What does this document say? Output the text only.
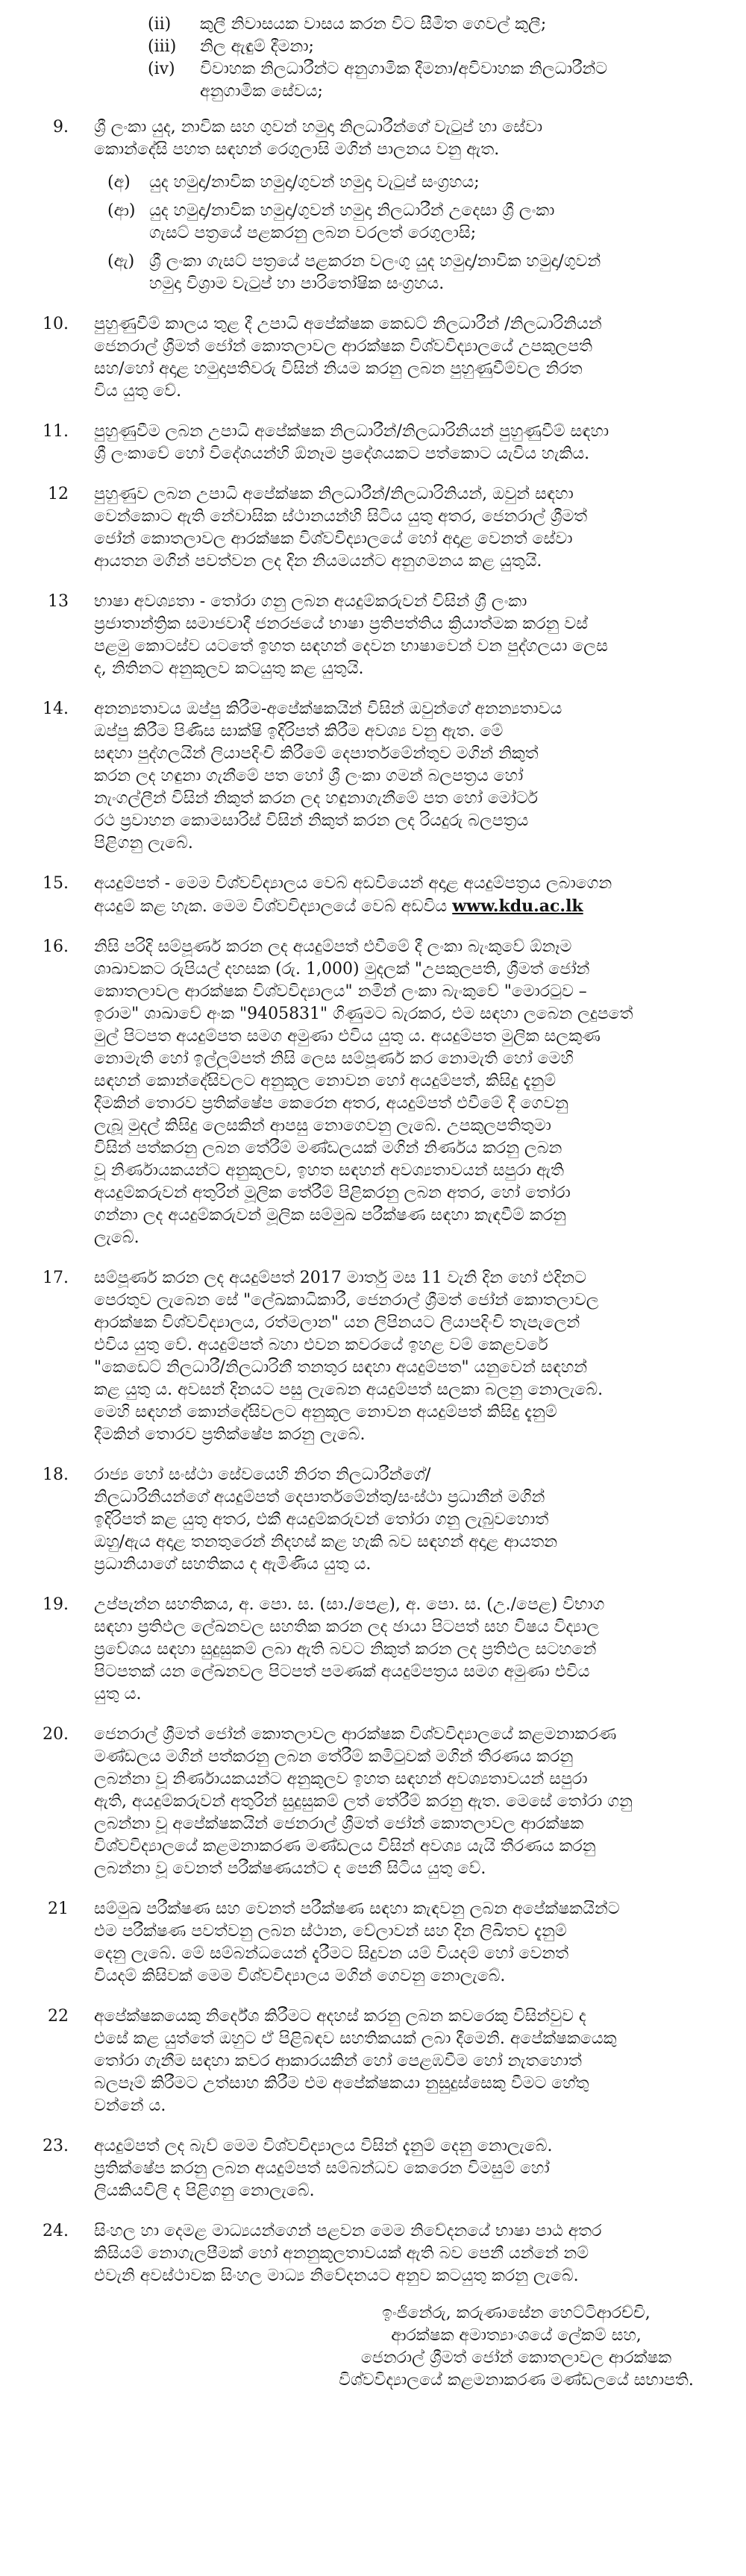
(ii)	කුලී නිවාසයක වාසය කරන විට සීමිත ගෙවල් කුලී;
(iii)	නිල ඇඳුම් දීමනා;
(iv)	විවාහක නිලධාරීන්ට අනුගාමික දීමනා/අවිවාහක නිලධාරීන්ට
අනුගාමික සේවය;
9.	ශ්‍රී ලංකා යුද, නාවික සහ ගුවන් හමුදා නිලධාරීන්ගේ වැටුප් හා සේවා
කොන්දේසි පහත සඳහන් රෙගුලාසි මගින් පාලනය වනු ඇත.
(අ)	යුද හමුදා/නාවික හමුදා/ගුවන් හමුදා වැටුප් සංග්‍රහය;
(ආ) යුද හමුදා/නාවික හමුදා/ගුවන් හමුදා නිලධාරීන් උදෙසා ශ්‍රී ලංකා
ගැසට් පත්‍රයේ පළකරනු ලබන වරලත් රෙගුලාසි;
(ඇ) ශ්‍රී ලංකා ගැසට් පත්‍රයේ පළකරන වලංගු යුද හමුදා/නාවික හමුදා/ගුවන්
හමුදා විශ්‍රාම වැටුප් හා පාරිතෝෂික සංග්‍රහය.
10.	පුහුණුවීම් කාලය තුළ දී උපාධි අපේක්ෂක කෙඩට් නිලධාරීන් /නිලධාරිනියන්
ජෙනරාල් ශ්‍රීමත් ජෝන් කොතලාවල ආරක්ෂක විශ්වවිද්‍යාලයේ උපකුලපති
සහ/හෝ අදාළ හමුදාපතිවරු විසින් නියම කරනු ලබන පුහුණුවීම්වල නිරත
විය යුතු වේ.
11.	පුහුණුවීම ලබන උපාධි අපේක්ෂක නිලධාරීන්/නිලධාරිනියන් පුහුණුවීම් සඳහා
ශ්‍රී ලංකාවේ හෝ විදේශයන්හි ඕනෑම ප්‍රදේශයකට පත්කොට යැවිය හැකිය.
12	පුහුණුව ලබන උපාධි අපේක්ෂක නිලධාරීන්/නිලධාරිනියන්, ඔවුන් සඳහා
වෙන්කොට ඇති නේවාසික ස්ථානයන්හි සිටිය යුතු අතර, ජෙනරාල් ශ්‍රීමත්
ජෝන් කොතලාවල ආරක්ෂක විශ්වවිද්‍යාලයේ හෝ අදාළ වෙනත් සේවා
ආයතන මගින් පවත්වන ලද දින නියමයන්ට අනුගමනය කළ යුතුයි.
13	භාෂා අවශ්‍යතා - තෝරා ගනු ලබන අයදුම්කරුවන් විසින් ශ්‍රී ලංකා
ප්‍රජාතාන්ත්‍රික සමාජවාදී ජනරජයේ භාෂා ප්‍රතිපත්තිය ක්‍රියාත්මක කරනු වස්
පළමු කොටස්ව යටතේ ඉහත සඳහන් දෙවන භාෂාවෙන් වන පුද්ගලයා ලෙස
ද, නිතිනට අනුකූලව කටයුතු කළ යුතුයි.
14.	අනන්‍යතාවය ඔප්පු කිරීම-අපේක්ෂකයින් විසින් ඔවුන්ගේ අනන්‍යතාවය
ඔප්පු කිරීම පිණිස සාක්ෂි ඉදිරිපත් කිරීම අවශ්‍ය වනු ඇත. මේ
සඳහා පුද්ගලයින් ලියාපදිංචි කිරීමේ දෙපාර්තමේන්තුව මගින් නිකුත්
කරන ලද හඳුනා ගැනීමේ පත හෝ ශ්‍රී ලංකා ගමන් බලපත්‍රය හෝ
නැංගල්ලීන් විසින් නිකුත් කරන ලද හඳුනාගැනීමේ පත හෝ මෝටර්
රථ ප්‍රවාහන කොමසාරිස් විසින් නිකුත් කරන ලද රියදුරු බලපත්‍රය
පිළිගනු ලැබේ.
15.	අයදුම්පත් - මෙම විශ්වවිද්‍යාලය වෙබ් අඩවියෙන් අදාළ අයදුම්පත්‍රය ලබාගෙන
අයදුම් කළ හැක. මෙම විශ්වවිද්‍යාලයේ වෙබ් අඩවිය www.kdu.ac.lk
16.	නිසි පරිදි සම්පූර්ණ කරන ලද අයදුම්පත් එවීමේ දී ලංකා බැංකුවේ ඕනෑම
ශාඛාවකට රුපියල් දහසක (රු. 1,000) මුදලක් "උපකුලපති, ශ්‍රීමත් ජෝන්
කොතලාවල ආරක්ෂක විශ්වවිද්‍යාලය" නමින් ලංකා බැංකුවේ "මොරටුව –
ඉරාම" ශාඛාවේ අංක "9405831" ගිණුමට බැරකර, එම සඳහා ලබෙන ලදුපතේ
මුල් පිටපත අයදුම්පත සමග අමුණා එවිය යුතු ය. අයදුම්පත මුලික සලකුණ
නොමැති හෝ ඉල්ලුම්පත් නිසි ලෙස සම්පූර්ණ කර නොමැති හෝ මෙහි
සඳහන් කොන්දේසිවලට අනුකූල නොවන හෝ අයදුම්පත්, කිසිදු දැනුම්
දීමකින් තොරව ප්‍රතික්ෂේප කෙරෙන අතර, අයදුම්පත් එවීමේ දී ගෙවනු
ලැබූ මුදල් කිසිදු ලෙසකින් ආපසු නොගෙවනු ලැබේ. උපකුලපතිතුමා
විසින් පත්කරනු ලබන තේරීම් මණ්ඩලයක් මගින් නිර්ණය කරනු ලබන
වූ නිර්ණායකයන්ට අනුකූලව, ඉහත සඳහන් අවශ්‍යතාවයන් සපුරා ඇති
අයදුම්කරුවන් අතුරින් මූලික තේරීම් පිළිකරනු ලබන අතර, හෝ තෝරා
ගන්නා ලද අයදුම්කරුවන් මූලික සම්මුඛ පරීක්ෂණ සඳහා කැඳවීම් කරනු
ලැබේ.
17.	සම්පූර්ණ කරන ලද අයදුම්පත් 2017 මාර්තු මස 11 වැනි දින හෝ එදිනට
පෙරතුව ලැබෙන සේ "ලේඛකාධිකාරී, ජෙනරාල් ශ්‍රීමත් ජෝන් කොතලාවල
ආරක්ෂක විශ්වවිද්‍යාලය, රත්මලාන" යන ලිපිනයට ලියාපදිංචි තැපැලෙන්
එවිය යුතු වේ. අයදුම්පත් බහා එවන කවරයේ ඉහළ වම් කෙළවරේ
"කෙඩෙට් නිලධාරී/නිලධාරිනී තනතුර සඳහා අයදුම්පත" යනුවෙන් සඳහන්
කළ යුතු ය. අවසන් දිනයට පසු ලැබෙන අයදුම්පත් සලකා බලනු නොලැබේ.
මෙහි සඳහන් කොන්දේසිවලට අනුකූල නොවන අයදුම්පත් කිසිදු දැනුම්
දීමකින් තොරව ප්‍රතික්ෂේප කරනු ලැබේ.
18.	රාජ්‍ය හෝ සංස්ථා සේවයෙහි නිරත නිලධාරීන්ගේ/
නිලධාරිනියන්ගේ අයදුම්පත් දෙපාර්තමේන්තු/සංස්ථා ප්‍රධානීන් මගින්
ඉදිරිපත් කළ යුතු අතර, එකී අයදුම්කරුවන් තෝරා ගනු ලැබුවහොත්
ඔහු/ඇය අදාළ තනතුරෙන් නිදහස් කළ හැකි බව සඳහන් අදාළ ආයතන
ප්‍රධානියාගේ සහතිකය ද ඇමිණිය යුතු ය.
19.	උප්පැන්න සහතිකය, අ. පො. ස. (සා./පෙළ), අ. පො. ස. (උ./පෙළ) විභාග
සඳහා ප්‍රතිඵල ලේඛනවල සහතික කරන ලද ඡායා පිටපත් සහ විෂය විද්‍යාල
ප්‍රවේශය සඳහා සුදුසුකම් ලබා ඇති බවට නිකුත් කරන ලද ප්‍රතිඵල සටහනේ
පිටපතක් යන ලේඛනවල පිටපත් පමණක් අයදුම්පත්‍රය සමග අමුණා එවිය
යුතු ය.
20.	ජෙනරාල් ශ්‍රීමත් ජෝන් කොතලාවල ආරක්ෂක විශ්වවිද්‍යාලයේ කළමනාකරණ
මණ්ඩලය මගින් පත්කරනු ලබන තේරීම් කමිටුවක් මගින් තීරණය කරනු
ලබන්නා වූ නිර්ණායකයන්ට අනුකූලව ඉහත සඳහන් අවශ්‍යතාවයන් සපුරා
ඇති, අයදුම්කරුවන් අතුරින් සුදුසුකම් ලත් තේරීම් කරනු ඇත. මෙසේ තෝරා ගනු
ලබන්නා වූ අපේක්ෂකයින් ජෙනරාල් ශ්‍රීමත් ජෝන් කොතලාවල ආරක්ෂක
විශ්වවිද්‍යාලයේ කළමනාකරණ මණ්ඩලය විසින් අවශ්‍ය යැයි තීරණය කරනු
ලබන්නා වූ වෙනත් පරීක්ෂණයන්ට ද පෙනී සිටිය යුතු වේ.
21	සම්මුඛ පරීක්ෂණ සහ වෙනත් පරීක්ෂණ සඳහා කැඳවනු ලබන අපේක්ෂකයින්ට
එම පරීක්ෂණ පවත්වනු ලබන ස්ථාන, වේලාවන් සහ දින ලිඛිතව දැනුම්
දෙනු ලැබේ. මේ සම්බන්ධයෙන් දැරීමට සිදුවන යම් වියදම් හෝ වෙනත්
වියදම් කිසිවක් මෙම විශ්වවිද්‍යාලය මගින් ගෙවනු නොලැබේ.
22	අපේක්ෂකයෙකු නිර්දේශ කිරීමට අදහස් කරනු ලබන කවරෙකු විසින්වුව ද
එසේ කළ යුත්තේ ඔහුට ඒ පිළිබඳව සහතිකයක් ලබා දීමෙනි. අපේක්ෂකයෙකු
තෝරා ගැනීම සඳහා කවර ආකාරයකින් හෝ පෙළඹවීම හෝ නැතහොත්
බලපෑම් කිරීමට උත්සාහ කිරීම එම අපේක්ෂකයා නුසුදුස්සෙකු වීමට හේතු
වන්නේ ය.
23.	අයදුම්පත් ලද බැව් මෙම විශ්වවිද්‍යාලය විසින් දැනුම් දෙනු නොලැබේ.
ප්‍රතික්ෂේප කරනු ලබන අයදුම්පත් සම්බන්ධව කෙරෙන විමසුම් හෝ
ලියකියවිලි ද පිළිගනු නොලැබේ.
24.	සිංහල හා දෙමළ මාධ්‍යයන්ගෙන් පළවන මෙම නිවේදනයේ භාෂා පාඨ අතර
කිසියම් නොගැලපීමක් හෝ අනනුකූලතාවයක් ඇති බව පෙනී යන්නේ නම්
එවැනි අවස්ථාවක සිංහල මාධ්‍ය නිවේදනයට අනුව කටයුතු කරනු ලැබේ.
ඉංජිනේරු, කරුණාසේන හෙට්ටිආරච්චි,
ආරක්ෂක අමාත්‍යාංශයේ ලේකම් සහ,
ජෙනරාල් ශ්‍රීමත් ජෝන් කොතලාවල ආරක්ෂක
විශ්වවිද්‍යාලයේ කළමනාකරණ මණ්ඩලයේ සභාපති.
